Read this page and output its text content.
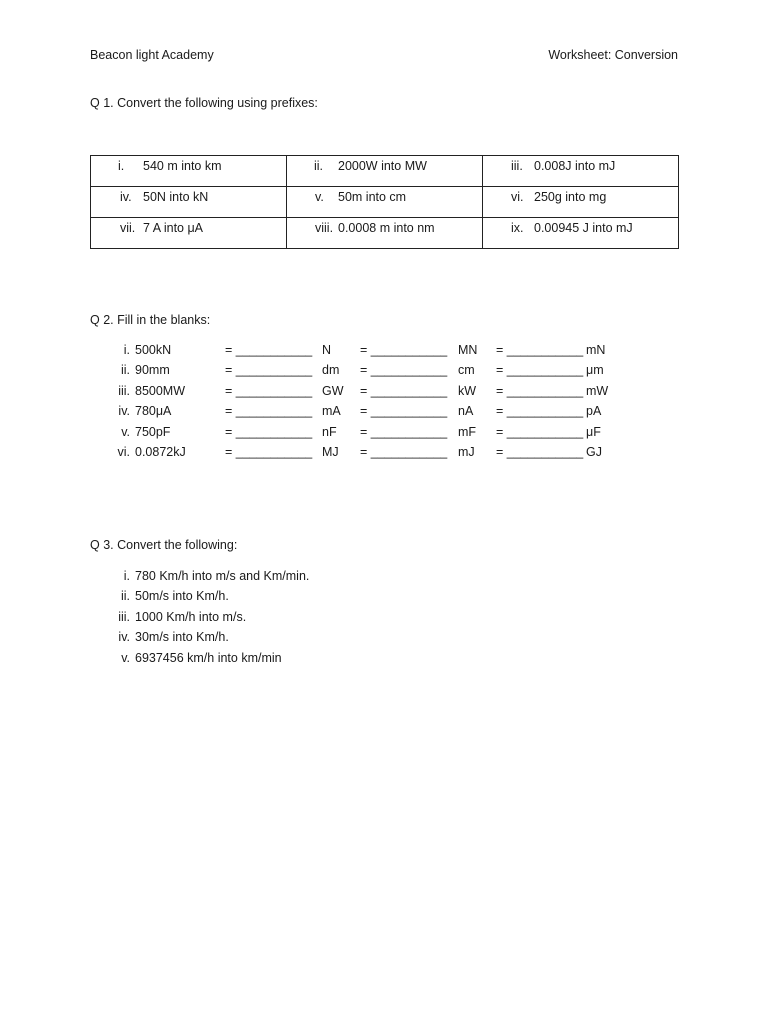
Beacon light Academy	Worksheet: Conversion
Q 1. Convert the following using prefixes:
i. 540 m into km	ii. 2000W into MW	iii. 0.008J into mJ

iv. 50N into kN	v. 50m into cm	vi. 250g into mg

vii. 7 A into μA	viii. 0.0008 m into nm	ix. 0.00945 J into mJ
Q 2. Fill in the blanks:
i. 500kN	= ___________ N = ___________ MN = ___________ mN
ii. 90mm	= ___________ dm = ___________ cm = ___________ μm
iii. 8500MW	= ___________ GW = ___________ kW = ___________ mW
iv. 780μA	= ___________ mA = ___________ nA = ___________ pA
v. 750pF	= ___________ nF = ___________ mF = ___________ μF
vi. 0.0872kJ	= ___________ MJ = ___________ mJ = ___________ GJ
Q 3. Convert the following:
i. 780 Km/h into m/s and Km/min.
ii. 50m/s into Km/h.
iii. 1000 Km/h into m/s.
iv. 30m/s into Km/h.
v. 6937456 km/h into km/min
